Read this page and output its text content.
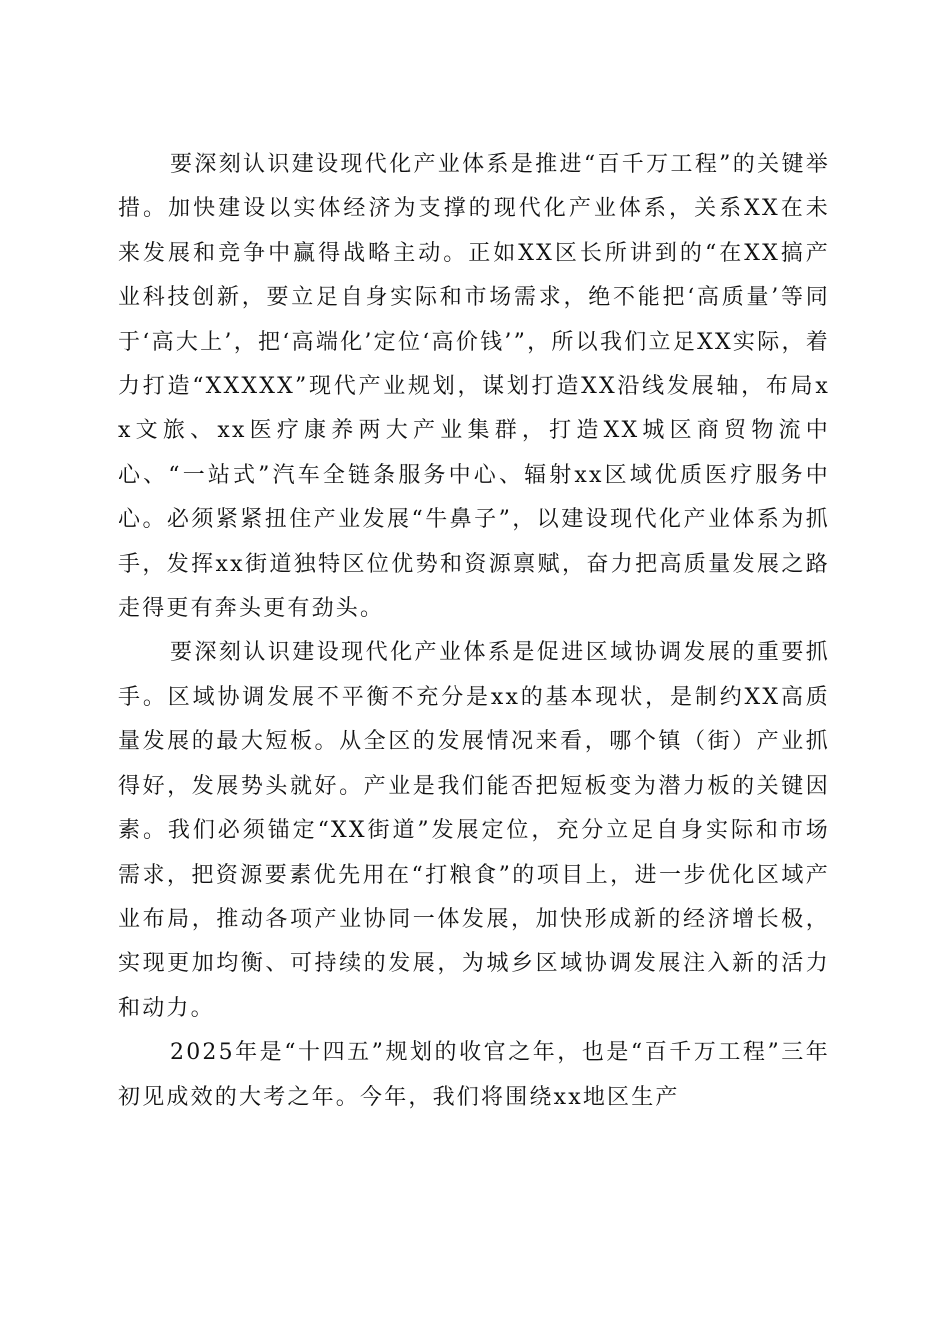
要深刻认识建设现代化产业体系是推进“百千万工程”的关键举措。加快建设以实体经济为支撑的现代化产业体系，关系XX在未来发展和竞争中赢得战略主动。正如XX区长所讲到的“在XX搞产业科技创新，要立足自身实际和市场需求，绝不能把‘高质量’等同于‘高大上’，把‘高端化’定位‘高价钱’”，所以我们立足XX实际，着力打造“XXXXX”现代产业规划，谋划打造XX沿线发展轴，布局xx文旅、xx医疗康养两大产业集群，打造XX城区商贸物流中心、“一站式”汽车全链条服务中心、辐射xx区域优质医疗服务中心。必须紧紧扭住产业发展“牛鼻子”，以建设现代化产业体系为抓手，发挥xx街道独特区位优势和资源禀赋，奋力把高质量发展之路走得更有奔头更有劲头。

要深刻认识建设现代化产业体系是促进区域协调发展的重要抓手。区域协调发展不平衡不充分是xx的基本现状，是制约XX高质量发展的最大短板。从全区的发展情况来看，哪个镇（街）产业抓得好，发展势头就好。产业是我们能否把短板变为潜力板的关键因素。我们必须锚定“XX街道”发展定位，充分立足自身实际和市场需求，把资源要素优先用在“打粮食”的项目上，进一步优化区域产业布局，推动各项产业协同一体发展，加快形成新的经济增长极，实现更加均衡、可持续的发展，为城乡区域协调发展注入新的活力和动力。

2025年是“十四五”规划的收官之年，也是“百千万工程”三年初见成效的大考之年。今年，我们将围绕xx地区生产
